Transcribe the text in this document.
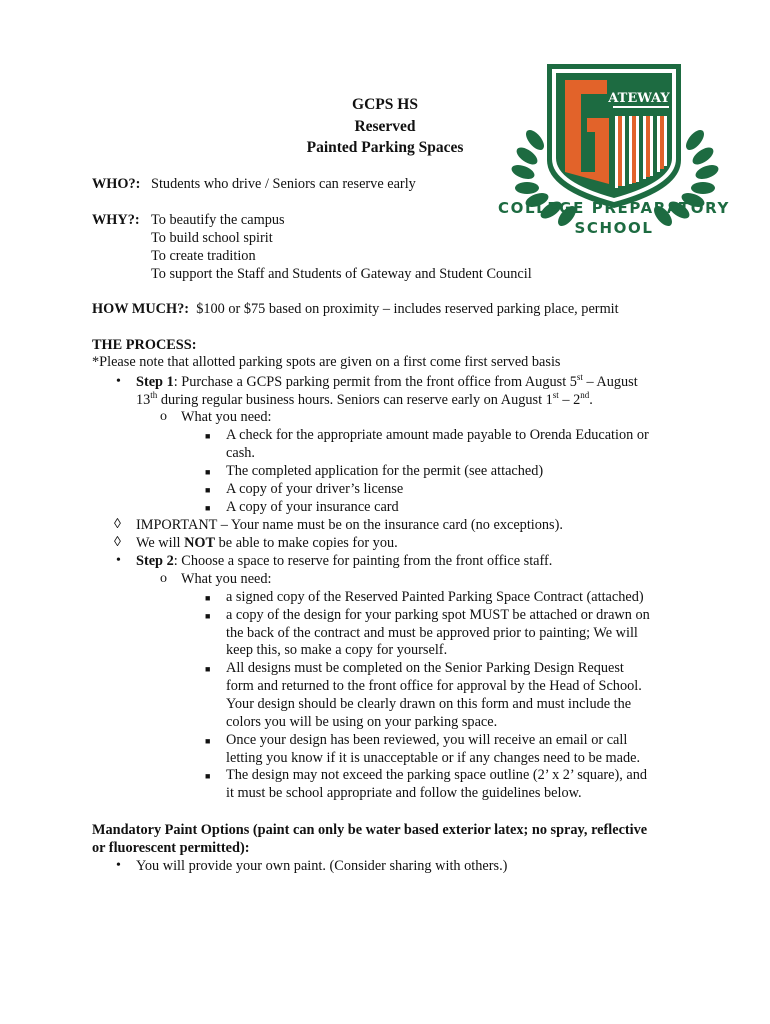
GCPS HS
Reserved
Painted Parking Spaces
ATEWAY
COLLEGE PREPARATORY
SCHOOL
WHO?: Students who drive / Seniors can reserve early
WHY?: To beautify the campus
To build school spirit
To create tradition
To support the Staff and Students of Gateway and Student Council
HOW MUCH?: $100 or $75 based on proximity – includes reserved parking place, permit
THE PROCESS:
*Please note that allotted parking spots are given on a first come first served basis
• Step 1: Purchase a GCPS parking permit from the front office from August 5st – August
13th during regular business hours. Seniors can reserve early on August 1st – 2nd.
o What you need:
■ A check for the appropriate amount made payable to Orenda Education or
cash.
■ The completed application for the permit (see attached)
■ A copy of your driver’s license
■ A copy of your insurance card
◊ IMPORTANT – Your name must be on the insurance card (no exceptions).
◊ We will NOT be able to make copies for you.
• Step 2: Choose a space to reserve for painting from the front office staff.
o What you need:
■ a signed copy of the Reserved Painted Parking Space Contract (attached)
■ a copy of the design for your parking spot MUST be attached or drawn on
the back of the contract and must be approved prior to painting; We will
keep this, so make a copy for yourself.
■ All designs must be completed on the Senior Parking Design Request
form and returned to the front office for approval by the Head of School.
Your design should be clearly drawn on this form and must include the
colors you will be using on your parking space.
■ Once your design has been reviewed, you will receive an email or call
letting you know if it is unacceptable or if any changes need to be made.
■ The design may not exceed the parking space outline (2’ x 2’ square), and
it must be school appropriate and follow the guidelines below.
Mandatory Paint Options (paint can only be water based exterior latex; no spray, reflective
or fluorescent permitted):
• You will provide your own paint. (Consider sharing with others.)
